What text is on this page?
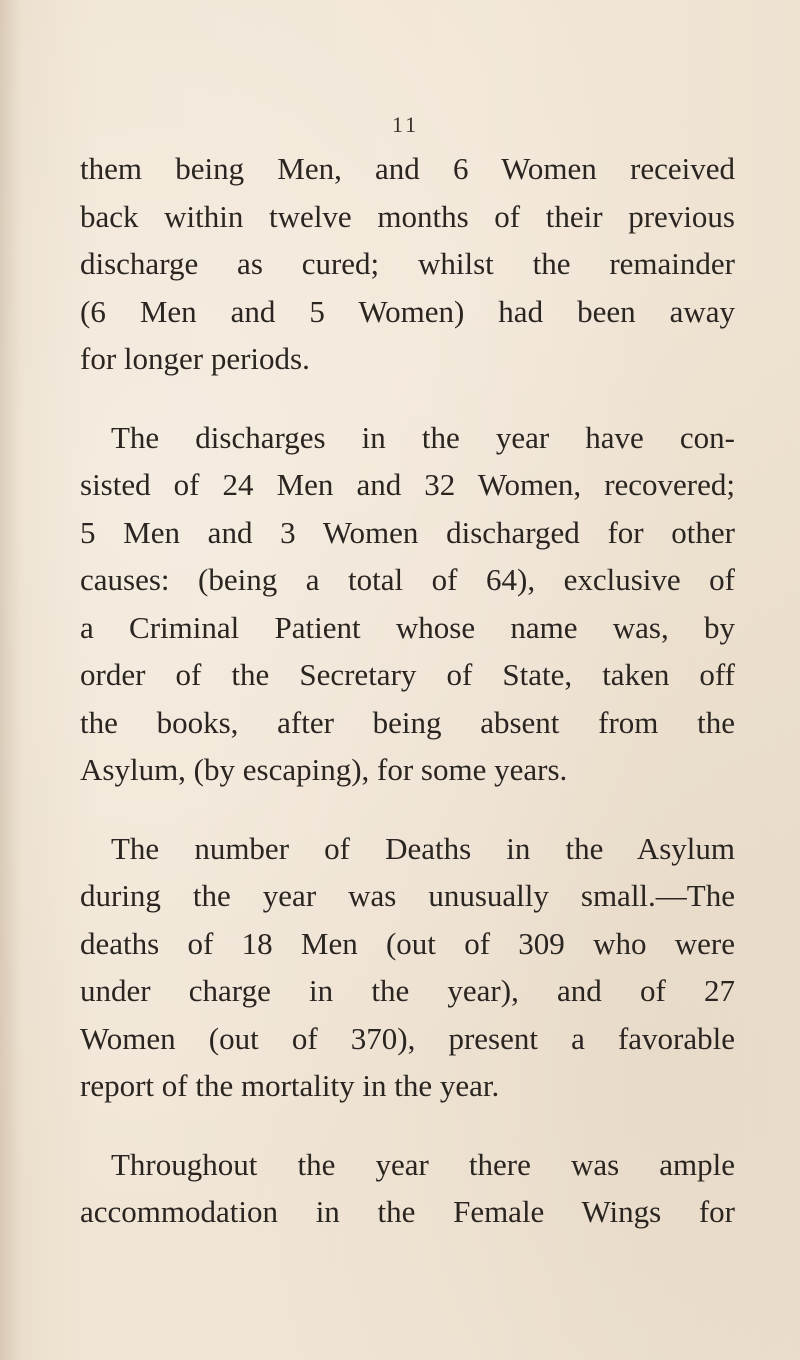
11
them being Men, and 6 Women received
back within twelve months of their previous
discharge as cured; whilst the remainder
(6 Men and 5 Women) had been away
for longer periods.
The discharges in the year have con-
sisted of 24 Men and 32 Women, recovered;
5 Men and 3 Women discharged for other
causes: (being a total of 64), exclusive of
a Criminal Patient whose name was, by
order of the Secretary of State, taken off
the books, after being absent from the
Asylum, (by escaping), for some years.
The number of Deaths in the Asylum
during the year was unusually small.—The
deaths of 18 Men (out of 309 who were
under charge in the year), and of 27
Women (out of 370), present a favorable
report of the mortality in the year.
Throughout the year there was ample
accommodation in the Female Wings for
